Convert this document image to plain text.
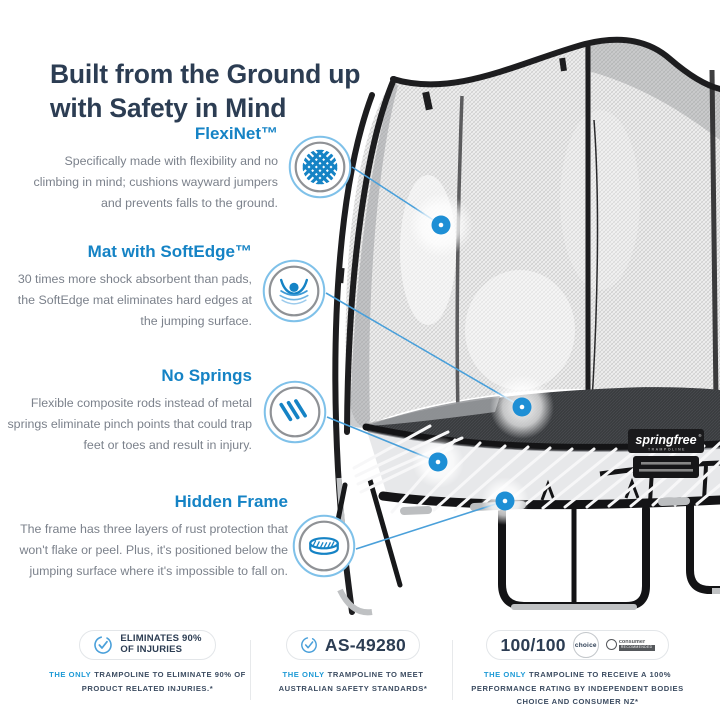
springfree ®
TRAMPOLINE
Built from the Ground up
with Safety in Mind

FlexiNet™

Specifically made with flexibility and no climbing in mind; cushions wayward jumpers and prevents falls to the ground.

Mat with SoftEdge™

30 times more shock absorbent than pads, the SoftEdge mat eliminates hard edges at the jumping surface.

No Springs

Flexible composite rods instead of metal springs eliminate pinch points that could trap feet or toes and result in injury.

Hidden Frame

The frame has three layers of rust protection that won't flake or peel. Plus, it's positioned below the jumping surface where it's impossible to fall on.

ELIMINATES 90%
OF INJURIES
THE ONLY TRAMPOLINE TO ELIMINATE 90% OF PRODUCT RELATED INJURIES.*
AS-49280
THE ONLY TRAMPOLINE TO MEET AUSTRALIAN SAFETY STANDARDS*
100/100 choice	consumer
RECOMMENDED
THE ONLY TRAMPOLINE TO RECEIVE A 100% PERFORMANCE RATING BY INDEPENDENT BODIES CHOICE AND CONSUMER NZ*
